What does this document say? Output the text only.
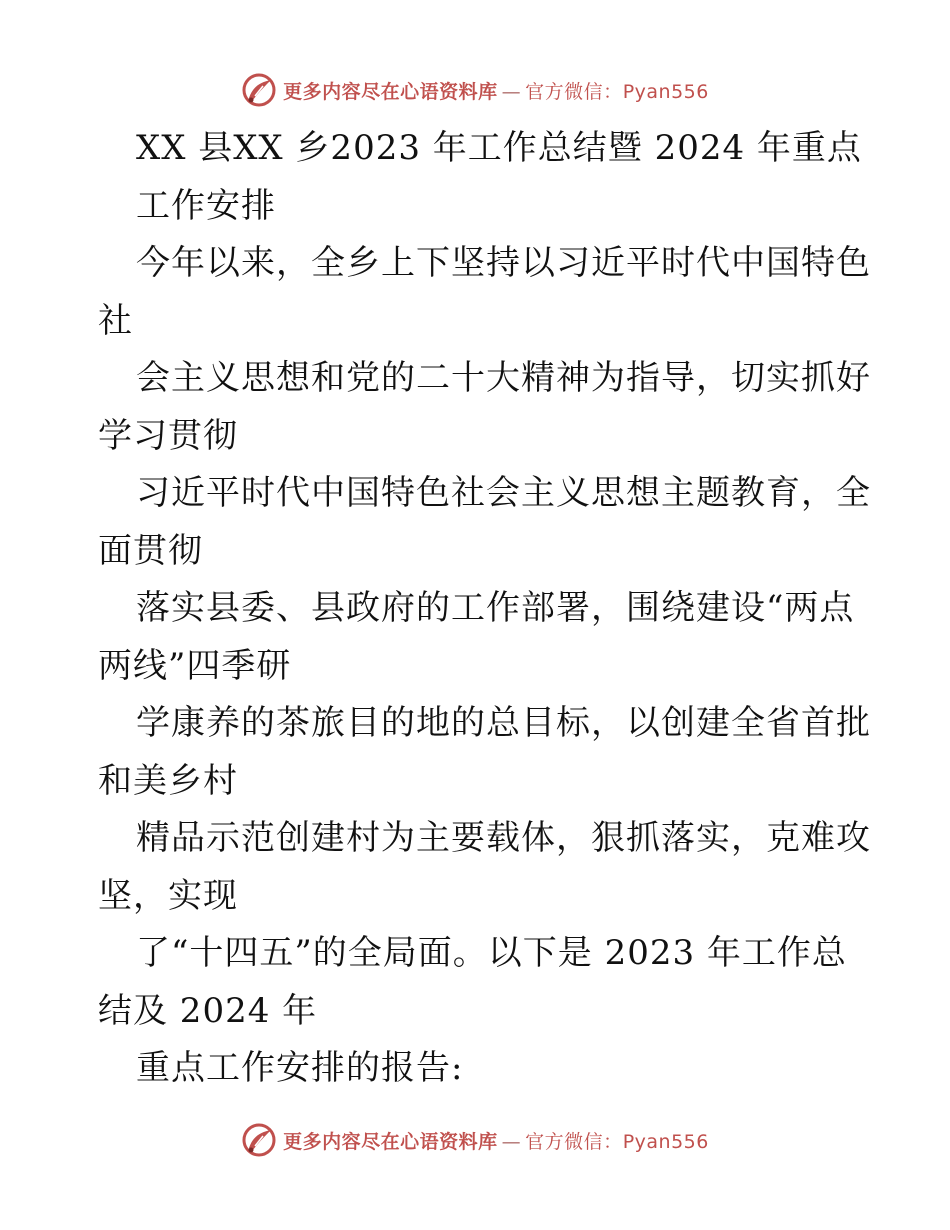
更多内容尽在心语资料库 — 官方微信：Pyan556
XX 县XX 乡2023 年工作总结暨 2024 年重点
工作安排
今年以来，全乡上下坚持以习近平时代中国特色
社
会主义思想和党的二十大精神为指导，切实抓好
学习贯彻
习近平时代中国特色社会主义思想主题教育，全
面贯彻
落实县委、县政府的工作部署，围绕建设“两点
两线”四季研
学康养的茶旅目的地的总目标，以创建全省首批
和美乡村
精品示范创建村为主要载体，狠抓落实，克难攻
坚，实现
了“十四五”的全局面。以下是 2023 年工作总
结及 2024 年
重点工作安排的报告:
更多内容尽在心语资料库 — 官方微信：Pyan556
